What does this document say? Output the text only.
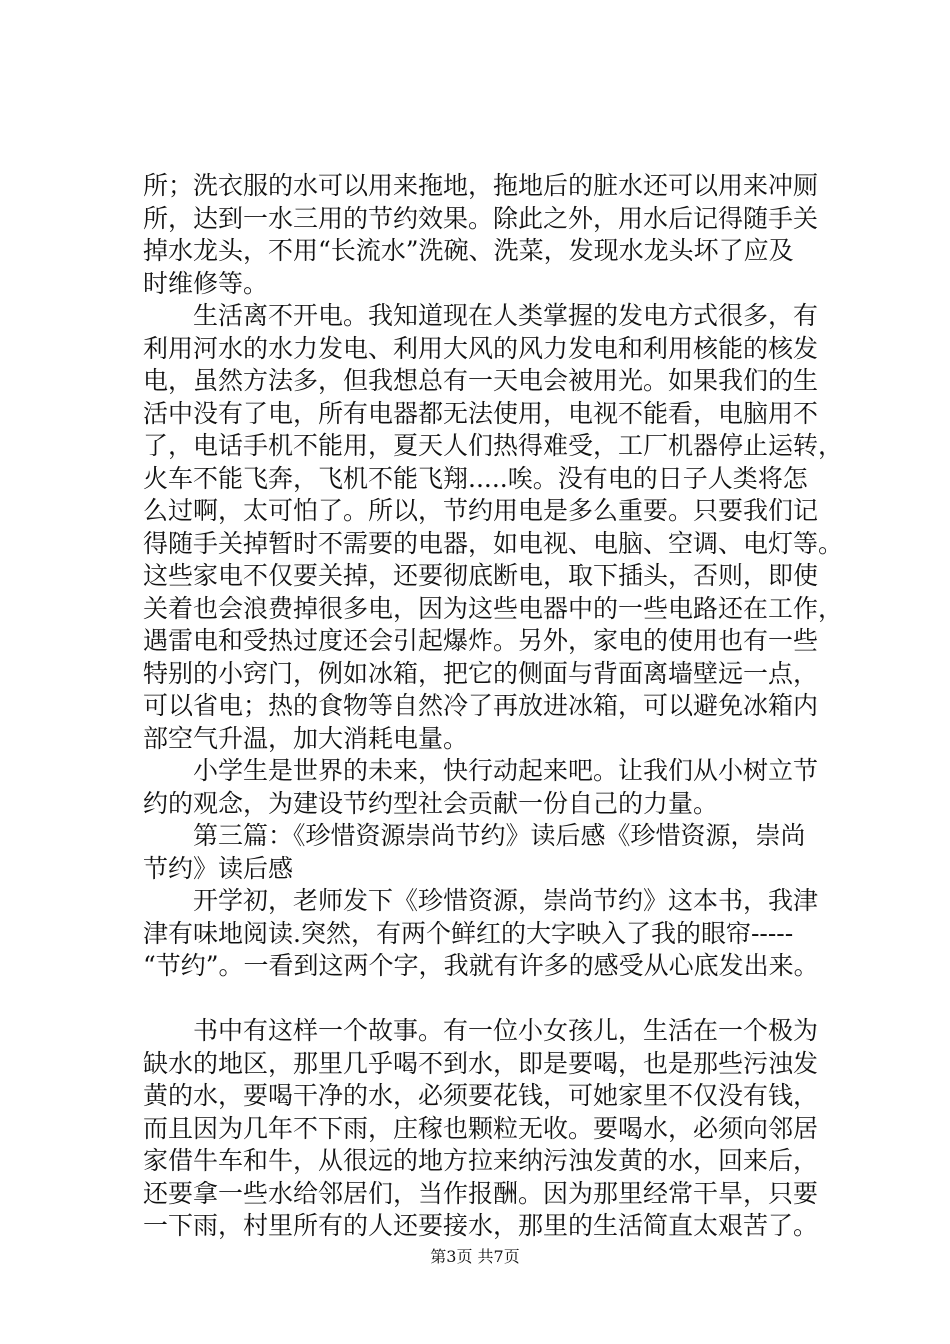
所；洗衣服的水可以用来拖地，拖地后的脏水还可以用来冲厕
所，达到一水三用的节约效果。除此之外，用水后记得随手关
掉水龙头，不用“长流水”洗碗、洗菜，发现水龙头坏了应及
时维修等。
　　生活离不开电。我知道现在人类掌握的发电方式很多，有
利用河水的水力发电、利用大风的风力发电和利用核能的核发
电，虽然方法多，但我想总有一天电会被用光。如果我们的生
活中没有了电，所有电器都无法使用，电视不能看，电脑用不
了，电话手机不能用，夏天人们热得难受，工厂机器停止运转，
火车不能飞奔，飞机不能飞翔.....唉。没有电的日子人类将怎
么过啊，太可怕了。所以，节约用电是多么重要。只要我们记
得随手关掉暂时不需要的电器，如电视、电脑、空调、电灯等。
这些家电不仅要关掉，还要彻底断电，取下插头，否则，即使
关着也会浪费掉很多电，因为这些电器中的一些电路还在工作，
遇雷电和受热过度还会引起爆炸。另外，家电的使用也有一些
特别的小窍门，例如冰箱，把它的侧面与背面离墙壁远一点，
可以省电；热的食物等自然冷了再放进冰箱，可以避免冰箱内
部空气升温，加大消耗电量。
　　小学生是世界的未来，快行动起来吧。让我们从小树立节
约的观念，为建设节约型社会贡献一份自己的力量。
　　第三篇：《珍惜资源崇尚节约》读后感《珍惜资源，崇尚
节约》读后感
　　开学初，老师发下《珍惜资源，崇尚节约》这本书，我津
津有味地阅读.突然，有两个鲜红的大字映入了我的眼帘-----
“节约”。一看到这两个字，我就有许多的感受从心底发出来。
　　书中有这样一个故事。有一位小女孩儿，生活在一个极为
缺水的地区，那里几乎喝不到水，即是要喝，也是那些污浊发
黄的水，要喝干净的水，必须要花钱，可她家里不仅没有钱，
而且因为几年不下雨，庄稼也颗粒无收。要喝水，必须向邻居
家借牛车和牛，从很远的地方拉来纳污浊发黄的水，回来后，
还要拿一些水给邻居们，当作报酬。因为那里经常干旱，只要
一下雨，村里所有的人还要接水，那里的生活简直太艰苦了。
第3页 共7页
